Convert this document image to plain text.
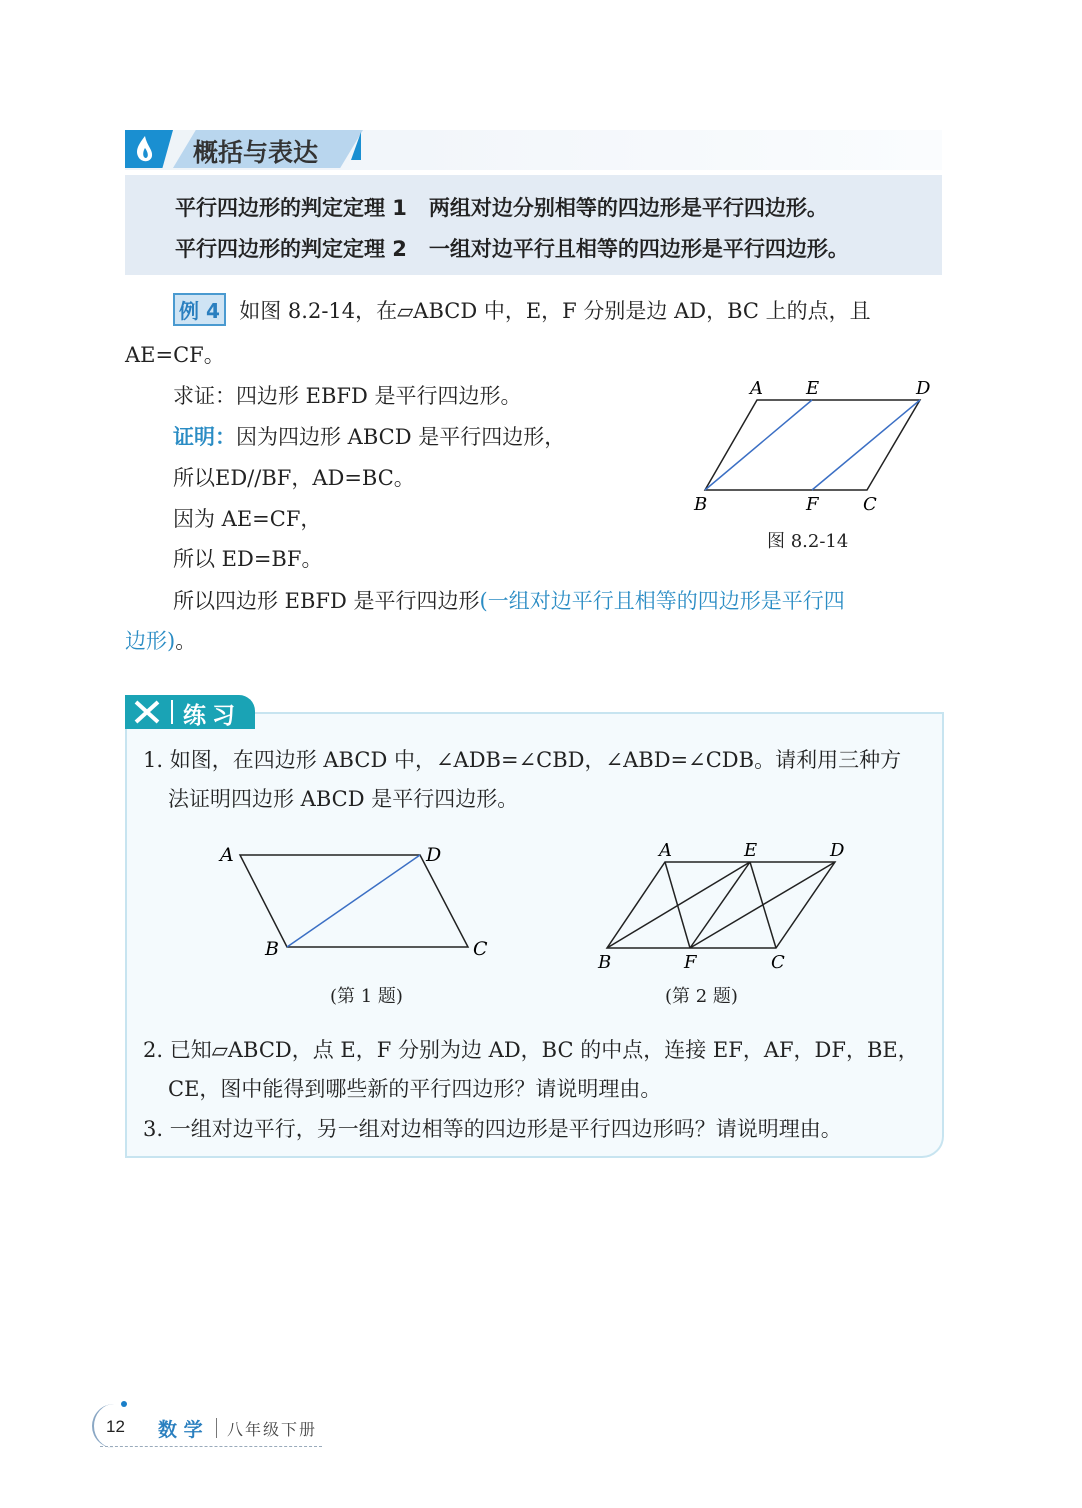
概括与表达
平行四边形的判定定理 1 两组对边分别相等的四边形是平行四边形。
平行四边形的判定定理 2 一组对边平行且相等的四边形是平行四边形。
例 4 如图 8.2-14，在▱ABCD 中，E，F 分别是边 AD，BC 上的点，且
AE=CF。
求证：四边形 EBFD 是平行四边形。
证明：因为四边形 ABCD 是平行四边形，
所以ED//BF，AD=BC。
因为 AE=CF，
所以 ED=BF。
所以四边形 EBFD 是平行四边形(一组对边平行且相等的四边形是平行四
边形)。
A E	D
B	F C
图 8.2-14
练习
1. 如图，在四边形 ABCD 中，∠ADB=∠CBD，∠ABD=∠CDB。请利用三种方
法证明四边形 ABCD 是平行四边形。
A	D
B	C
(第 1 题)
A	E	D
B	F	C
(第 2 题)
2. 已知▱ABCD，点 E，F 分别为边 AD，BC 的中点，连接 EF，AF，DF，BE，
CE，图中能得到哪些新的平行四边形？请说明理由。
3. 一组对边平行，另一组对边相等的四边形是平行四边形吗？请说明理由。
12 数 学 八年级下册
